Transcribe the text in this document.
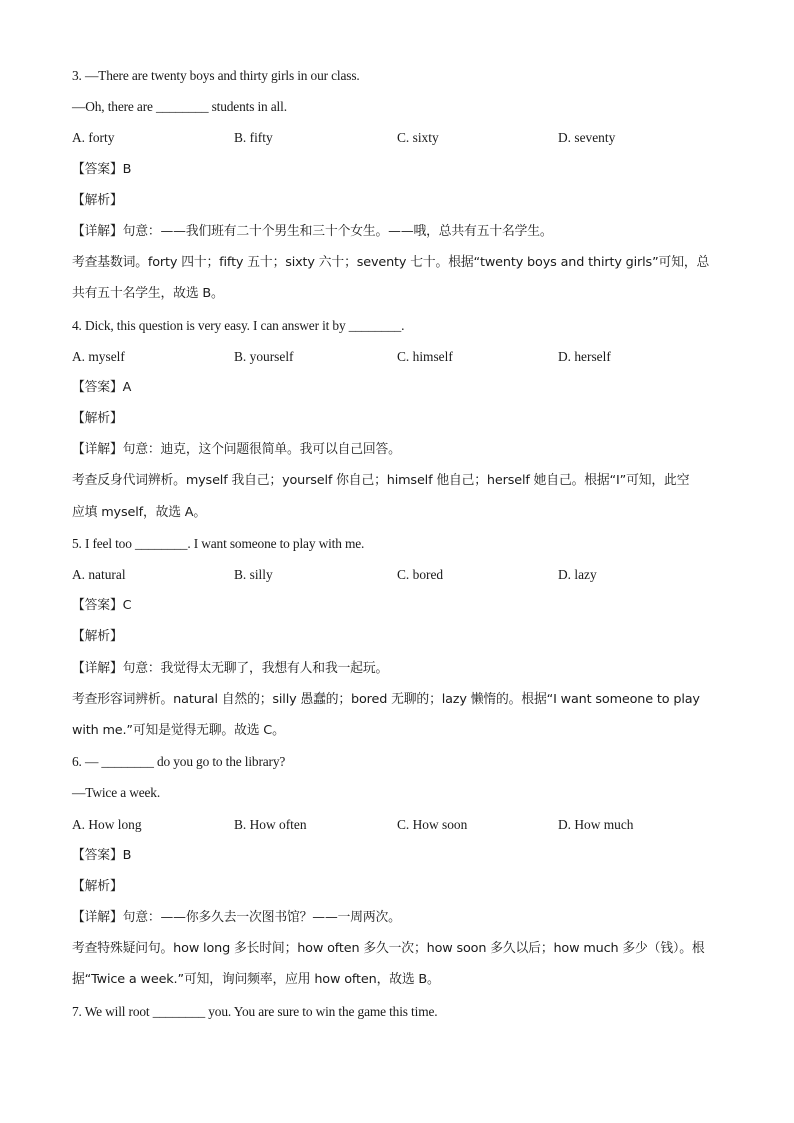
3. —There are twenty boys and thirty girls in our class.
—Oh, there are ________ students in all.
A. forty	B. fifty	C. sixty	D. seventy
【答案】B
【解析】
【详解】句意：——我们班有二十个男生和三十个女生。——哦，总共有五十名学生。
考查基数词。forty 四十；fifty 五十；sixty 六十；seventy 七十。根据“twenty boys and thirty girls”可知，总
共有五十名学生，故选 B。
4. Dick, this question is very easy. I can answer it by ________.
A. myself	B. yourself	C. himself	D. herself
【答案】A
【解析】
【详解】句意：迪克，这个问题很简单。我可以自己回答。
考查反身代词辨析。myself 我自己；yourself 你自己；himself 他自己；herself 她自己。根据“I”可知，此空
应填 myself，故选 A。
5. I feel too ________. I want someone to play with me.
A. natural	B. silly	C. bored	D. lazy
【答案】C
【解析】
【详解】句意：我觉得太无聊了，我想有人和我一起玩。
考查形容词辨析。natural 自然的；silly 愚蠢的；bored 无聊的；lazy 懒惰的。根据“I want someone to play
with me.”可知是觉得无聊。故选 C。
6. — ________ do you go to the library?
—Twice a week.
A. How long	B. How often	C. How soon	D. How much
【答案】B
【解析】
【详解】句意：——你多久去一次图书馆？——一周两次。
考查特殊疑问句。how long 多长时间；how often 多久一次；how soon 多久以后；how much 多少（钱）。根
据“Twice a week.”可知，询问频率，应用 how often，故选 B。
7. We will root ________ you. You are sure to win the game this time.
